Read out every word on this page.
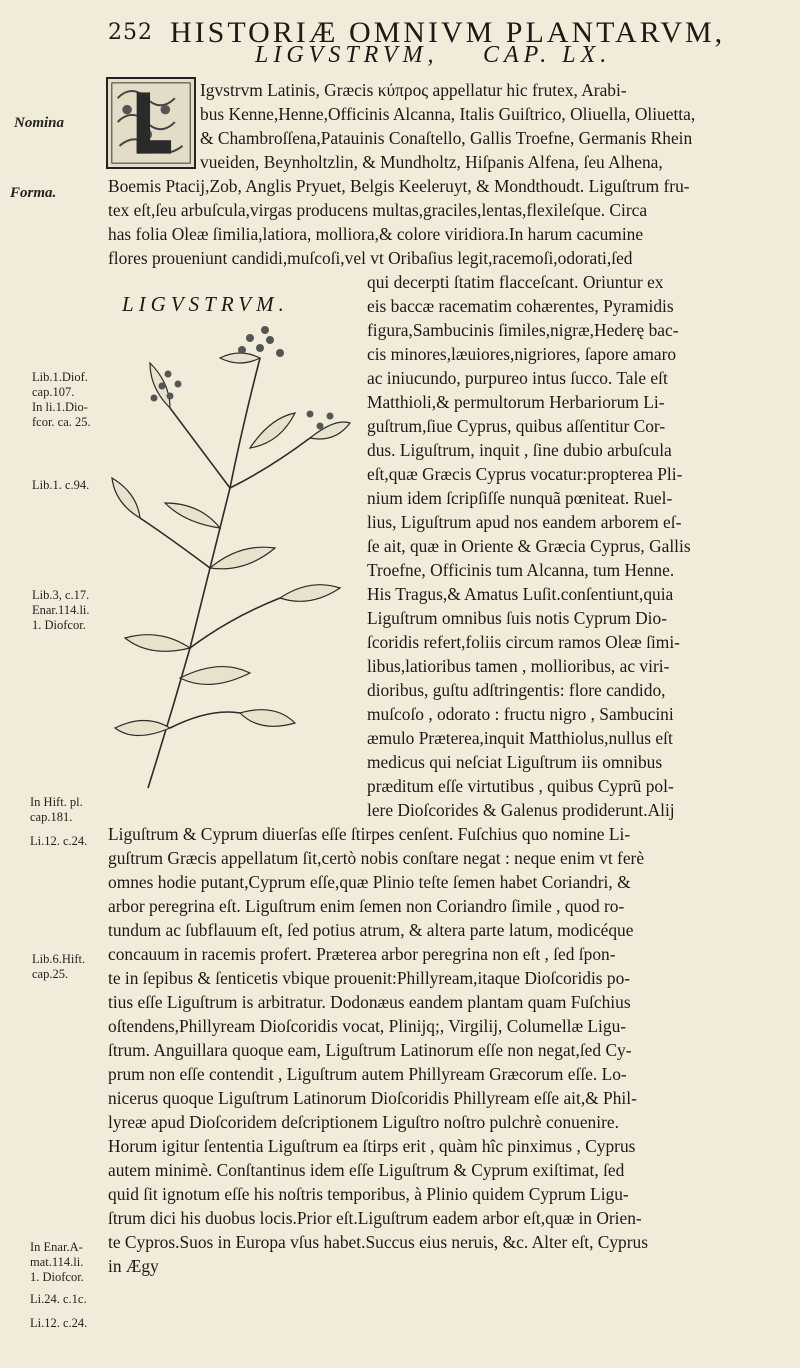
252 HISTORIÆ OMNIVM PLANTARVM,
LIGVSTRVM, CAP. LX.
Nomina
Forma.
Lib.1.Diof.
cap.107.
In li.1.Dio-
fcor. ca. 25.
Lib.1. c.94.
Lib.3, c.17.
Enar.114.li.
1. Diofcor.
In Hift. pl.
cap.181.
Li.12. c.24.
Lib.6.Hift.
cap.25.
In Enar.A-
mat.114.li.
1. Diofcor.
Li.24. c.1c.
Li.12. c.24.
LIGVSTRVM.
Igvstrvm Latinis, Græcis κύπρος appellatur hic frutex, Arabi-
bus Kenne,Henne,Officinis Alcanna, Italis Guiſtrico, Oliuella, Oliuetta,
& Chambroſſena,Patauinis Conaſtello, Gallis Troefne, Germanis Rhein
vueiden, Beynholtzlin, & Mundholtz, Hiſpanis Alfena, ſeu Alhena,
Boemis Ptacij,Zob, Anglis Pryuet, Belgis Keeleruyt, & Mondthoudt. Liguſtrum fru-
tex eſt,ſeu arbuſcula,virgas producens multas,graciles,lentas,flexileſque. Circa
has folia Oleæ ſimilia,latiora, molliora,& colore viridiora.In harum cacumine
flores proueniunt candidi,muſcoſi,vel vt Oribaſius legit,racemoſi,odorati,ſed
qui decerpti ſtatim flacceſcant. Oriuntur ex
eis baccæ racematim cohærentes, Pyramidis
figura,Sambucinis ſimiles,nigræ,Hederę bac-
cis minores,læuiores,nigriores, ſapore amaro
ac iniucundo, purpureo intus ſucco. Tale eſt
Matthioli,& permultorum Herbariorum Li-
guſtrum,ſiue Cyprus, quibus aſſentitur Cor-
dus. Liguſtrum, inquit , ſine dubio arbuſcula
eſt,quæ Græcis Cyprus vocatur:propterea Pli-
nium idem ſcripſiſſe nunquã pœniteat. Ruel-
lius, Liguſtrum apud nos eandem arborem eſ-
ſe ait, quæ in Oriente & Græcia Cyprus, Gallis
Troefne, Officinis tum Alcanna, tum Henne.
His Tragus,& Amatus Luſit.conſentiunt,quia
Liguſtrum omnibus ſuis notis Cyprum Dio-
ſcoridis refert,foliis circum ramos Oleæ ſimi-
libus,latioribus tamen , mollioribus, ac viri-
dioribus, guſtu adſtringentis: flore candido,
muſcoſo , odorato : fructu nigro , Sambucini
æmulo Præterea,inquit Matthiolus,nullus eſt
medicus qui neſciat Liguſtrum iis omnibus
præditum eſſe virtutibus , quibus Cyprũ pol-
lere Dioſcorides & Galenus prodiderunt.Alij
Liguſtrum & Cyprum diuerſas eſſe ſtirpes cenſent. Fuſchius quo nomine Li-
guſtrum Græcis appellatum ſit,certò nobis conſtare negat : neque enim vt ferè
omnes hodie putant,Cyprum eſſe,quæ Plinio teſte ſemen habet Coriandri, &
arbor peregrina eſt. Liguſtrum enim ſemen non Coriandro ſimile , quod ro-
tundum ac ſubflauum eſt, ſed potius atrum, & altera parte latum, modicéque
concauum in racemis profert. Præterea arbor peregrina non eſt , ſed ſpon-
te in ſepibus & ſenticetis vbique prouenit:Phillyream,itaque Dioſcoridis po-
tius eſſe Liguſtrum is arbitratur. Dodonæus eandem plantam quam Fuſchius
oſtendens,Phillyream Dioſcoridis vocat, Plinijq;, Virgilij, Columellæ Ligu-
ſtrum. Anguillara quoque eam, Liguſtrum Latinorum eſſe non negat,ſed Cy-
prum non eſſe contendit , Liguſtrum autem Phillyream Græcorum eſſe. Lo-
nicerus quoque Liguſtrum Latinorum Dioſcoridis Phillyream eſſe ait,& Phil-
lyreæ apud Dioſcoridem deſcriptionem Liguſtro noſtro pulchrè conuenire.
Horum igitur ſententia Liguſtrum ea ſtirps erit , quàm hîc pinximus , Cyprus
autem minimè. Conſtantinus idem eſſe Liguſtrum & Cyprum exiſtimat, ſed
quid ſit ignotum eſſe his noſtris temporibus, à Plinio quidem Cyprum Ligu-
ſtrum dici his duobus locis.Prior eſt.Liguſtrum eadem arbor eſt,quæ in Orien-
te Cypros.Suos in Europa vſus habet.Succus eius neruis, &c. Alter eſt, Cyprus
in Ægy
